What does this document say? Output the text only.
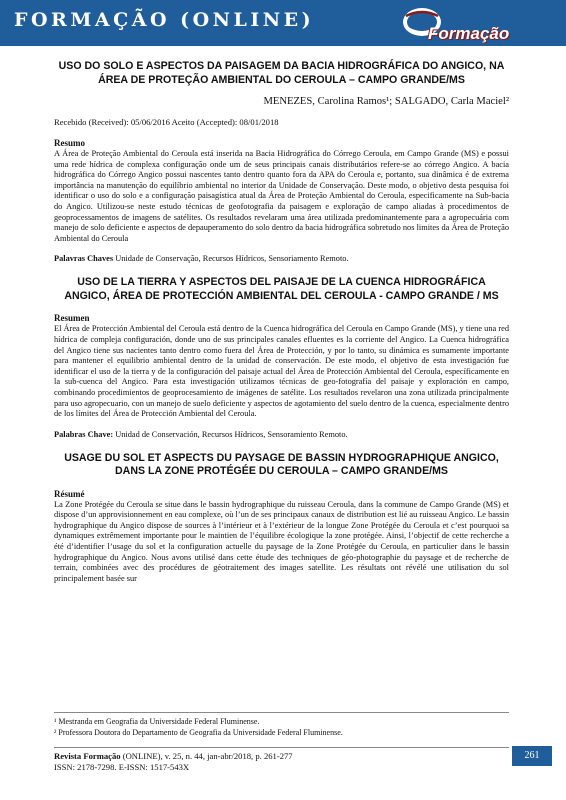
FORMAÇÃO (ONLINE)
Formação

USO DO SOLO E ASPECTOS DA PAISAGEM DA BACIA HIDROGRÁFICA DO ANGICO, NA ÁREA DE PROTEÇÃO AMBIENTAL DO CEROULA – CAMPO GRANDE/MS

MENEZES, Carolina Ramos¹; SALGADO, Carla Maciel²
Recebido (Received): 05/06/2016 Aceito (Accepted): 08/01/2018
Resumo

A Área de Proteção Ambiental do Ceroula está inserida na Bacia Hidrográfica do Córrego Ceroula, em Campo Grande (MS) e possui uma rede hídrica de complexa configuração onde um de seus principais canais distributários refere-se ao córrego Angico. A bacia hidrográfica do Córrego Angico possui nascentes tanto dentro quanto fora da APA do Ceroula e, portanto, sua dinâmica é de extrema importância na manutenção do equilíbrio ambiental no interior da Unidade de Conservação. Deste modo, o objetivo desta pesquisa foi identificar o uso do solo e a configuração paisagística atual da Área de Proteção Ambiental do Ceroula, especificamente na Sub-bacia do Angico. Utilizou-se neste estudo técnicas de geofotografia da paisagem e exploração de campo aliadas à procedimentos de geoprocessamentos de imagens de satélites. Os resultados revelaram uma área utilizada predominantemente para a agropecuária com manejo de solo deficiente e aspectos de depauperamento do solo dentro da bacia hidrográfica sobretudo nos limites da Área de Proteção Ambiental do Ceroula

Palavras Chaves Unidade de Conservação, Recursos Hídricos, Sensoriamento Remoto.

USO DE LA TIERRA Y ASPECTOS DEL PAISAJE DE LA CUENCA HIDROGRÁFICA ANGICO, ÁREA DE PROTECCIÓN AMBIENTAL DEL CEROULA - CAMPO GRANDE / MS

Resumen

El Área de Protección Ambiental del Ceroula está dentro de la Cuenca hidrográfica del Ceroula en Campo Grande (MS), y tiene una red hídrica de compleja configuración, donde uno de sus principales canales efluentes es la corriente del Angico. La Cuenca hidrográfica del Angico tiene sus nacientes tanto dentro como fuera del Área de Protección, y por lo tanto, su dinámica es sumamente importante para mantener el equilibrio ambiental dentro de la unidad de conservación. De este modo, el objetivo de esta investigación fue identificar el uso de la tierra y de la configuración del paisaje actual del Área de Protección Ambiental del Ceroula, específicamente en la sub-cuenca del Angico. Para esta investigación utilizamos técnicas de geo-fotografía del paisaje y exploración en campo, combinando procedimientos de geoprocesamiento de imágenes de satélite. Los resultados revelaron una zona utilizada principalmente para uso agropecuario, con un manejo de suelo deficiente y aspectos de agotamiento del suelo dentro de la cuenca, especialmente dentro de los límites del Área de Protección Ambiental del Ceroula.

Palabras Chave: Unidad de Conservación, Recursos Hídricos, Sensoramiento Remoto.

USAGE DU SOL ET ASPECTS DU PAYSAGE DE BASSIN HYDROGRAPHIQUE ANGICO, DANS LA ZONE PROTÉGÉE DU CEROULA – CAMPO GRANDE/MS

Résumé

La Zone Protégée du Ceroula se situe dans le bassin hydrographique du ruisseau Ceroula, dans la commune de Campo Grande (MS) et dispose d’un approvisionnement en eau complexe, où l’un de ses principaux canaux de distribution est lié au ruisseau Angico. Le bassin hydrographique du Angico dispose de sources à l’intérieur et à l’extérieur de la longue Zone Protégée du Ceroula et c’est pourquoi sa dynamiques extrêmement importante pour le maintien de l’équilibre écologique la zone protégée. Ainsi, l’objectif de cette recherche a été d’identifier l’usage du sol et la configuration actuelle du paysage de la Zone Protégée du Ceroula, en particulier dans le bassin hydrographique du Angico. Nous avons utilisé dans cette étude des techniques de géo-photographie du paysage et de recherche de terrain, combinées avec des procédures de géotraitement des images satellite. Les résultats ont révélé une utilisation du sol principalement basée sur

¹ Mestranda em Geografia da Universidade Federal Fluminense.
² Professora Doutora do Departamento de Geografia da Universidade Federal Fluminense.
Revista Formação (ONLINE), v. 25, n. 44, jan-abr/2018, p. 261-277
ISSN: 2178-7298. E-ISSN: 1517-543X
261
